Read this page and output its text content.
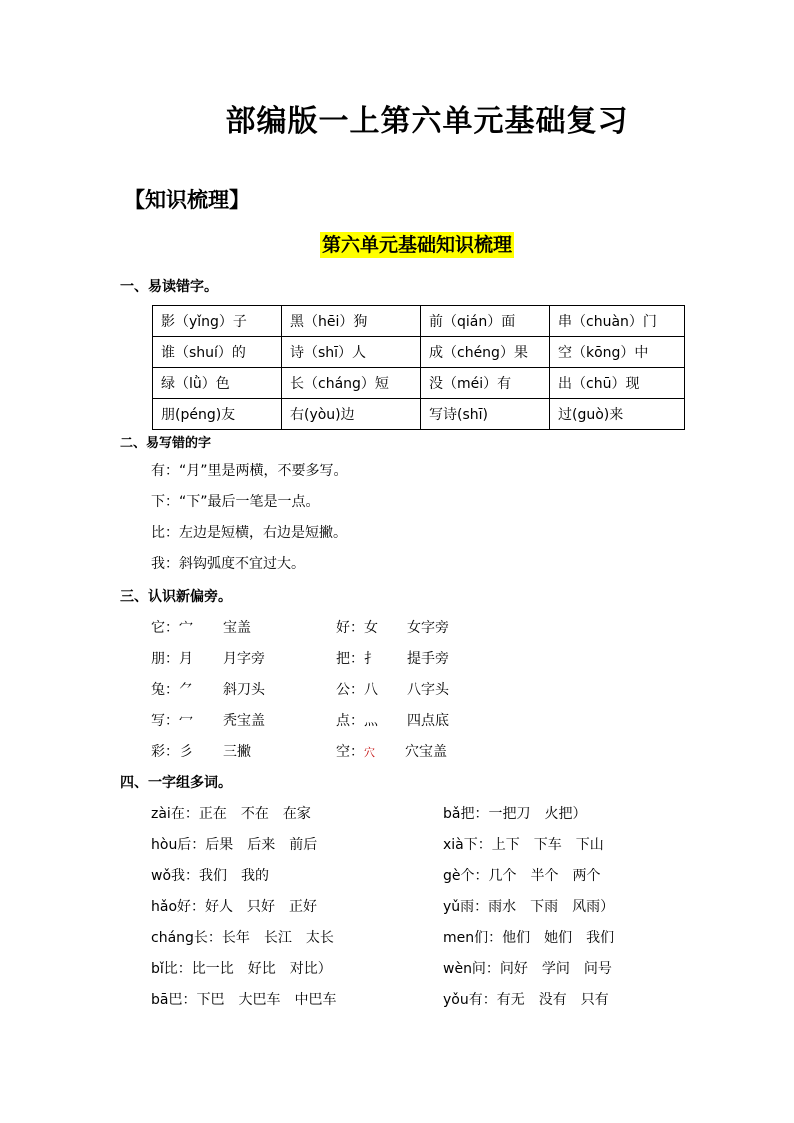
部编版一上第六单元基础复习
【知识梳理】
第六单元基础知识梳理
一、易读错字。
影（yǐng）子	黑（hēi）狗	前（qián）面	串（chuàn）门
谁（shuí）的	诗（shī）人	成（chéng）果	空（kōng）中
绿（lǜ）色	长（cháng）短	没（méi）有	出（chū）现
朋(péng)友	右(yòu)边	写诗(shī)	过(guò)来
二、易写错的字
有：“月”里是两横，不要多写。
下：“下”最后一笔是一点。
比：左边是短横，右边是短撇。
我：斜钩弧度不宜过大。
三、认识新偏旁。
它：宀 宝盖	好：女 女字旁
朋：月 月字旁	把：扌 提手旁
兔：⺈ 斜刀头	公：八 八字头
写：冖 秃宝盖	点：灬 四点底
彩：彡 三撇	空：穴 穴宝盖
四、一字组多词。
zài在：正在　不在　在家	bǎ把：一把刀　火把）
hòu后：后果　后来　前后	xià下：上下　下车　下山
wǒ我：我们　我的	gè个：几个　半个　两个
hǎo好：好人　只好　正好	yǔ雨：雨水　下雨　风雨）
cháng长：长年　长江　太长	men们：他们　她们　我们
bǐ比：比一比　好比　对比）	wèn问：问好　学问　问号
bā巴：下巴　大巴车　中巴车	yǒu有：有无　没有　只有
